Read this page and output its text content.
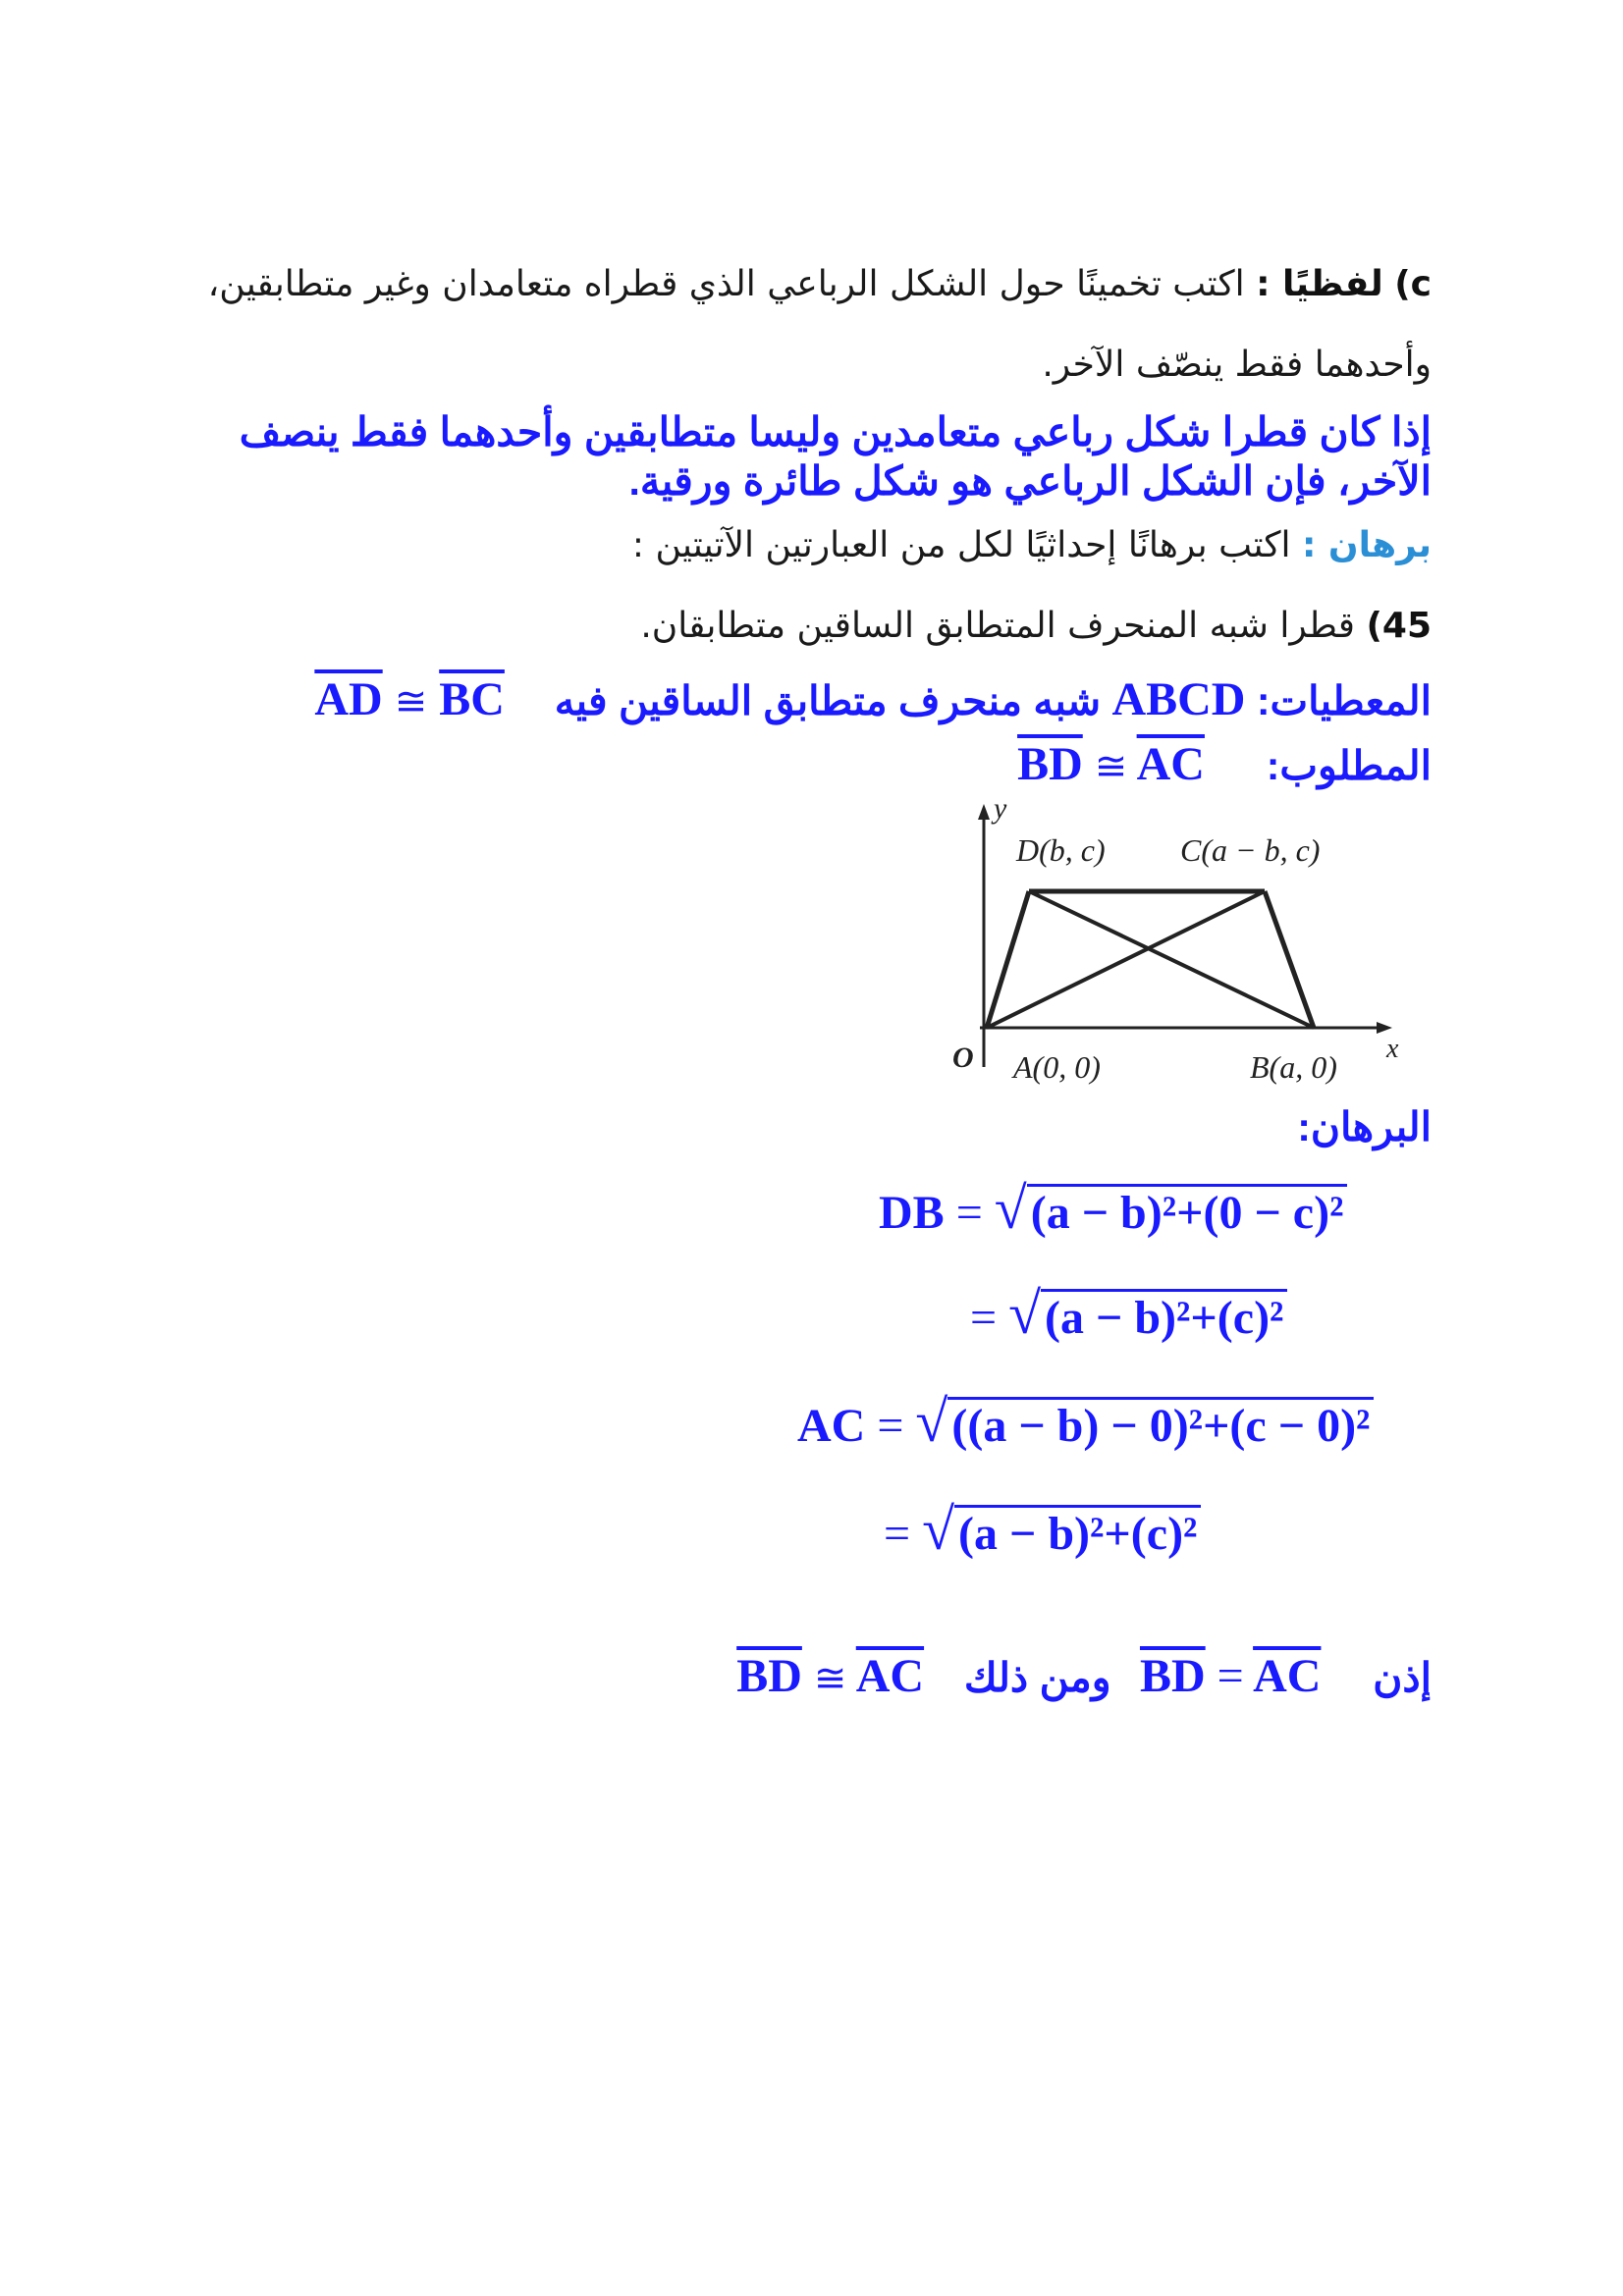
c) لفظيًا : اكتب تخمينًا حول الشكل الرباعي الذي قطراه متعامدان وغير متطابقين،
وأحدهما فقط ينصّف الآخر.
إذا كان قطرا شكل رباعي متعامدين وليسا متطابقين وأحدهما فقط ينصف
الآخر، فإن الشكل الرباعي هو شكل طائرة ورقية.
برهان : اكتب برهانًا إحداثيًا لكل من العبارتين الآتيتين :
45) قطرا شبه المنحرف المتطابق الساقين متطابقان.
المعطيات: ABCD شبه منحرف متطابق الساقين فيه  $\overline{AD}$ ≅ $\overline{BC}$
المطلوب:  $\overline{BD}$ ≅ $\overline{AC}$
y
x
O
D(b, c) C(a − b, c)
A(0, 0)	B(a, 0)
البرهان:
DB = √(a − b)²+(0 − c)²
= √(a − b)²+(c)²
AC = √((a − b) − 0)²+(c − 0)²
= √(a − b)²+(c)²
إذن  $\overline{BD} = \overline{AC}$  ومن ذلك  $\overline{BD}$ ≅ $\overline{AC}$
